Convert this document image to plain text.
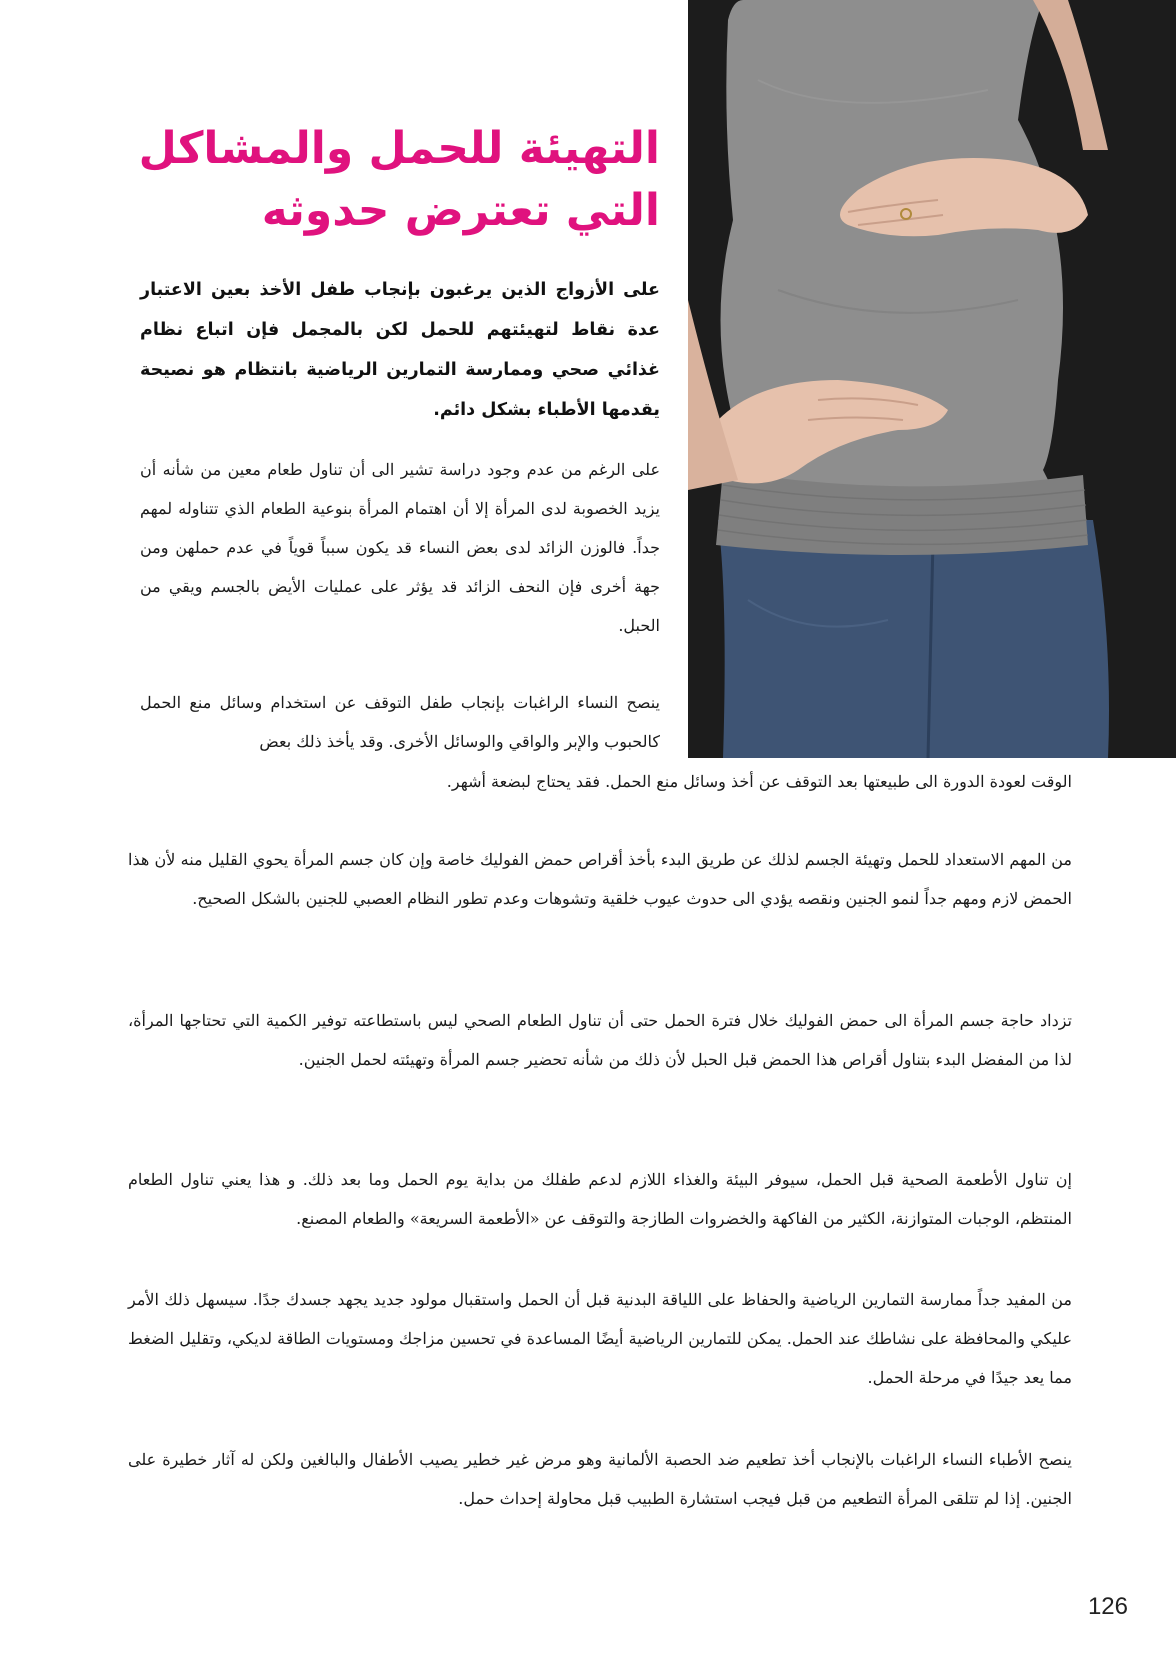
التهيئة للحمل والمشاكل التي تعترض حدوثه

على الأزواج الذين يرغبون بإنجاب طفل الأخذ بعين الاعتبار عدة نقاط لتهيئتهم للحمل لكن بالمجمل فإن اتباع نظام غذائي صحي وممارسة التمارين الرياضية بانتظام هو نصيحة يقدمها الأطباء بشكل دائم.

على الرغم من عدم وجود دراسة تشير الى أن تناول طعام معين من شأنه أن يزيد الخصوبة لدى المرأة إلا أن اهتمام المرأة بنوعية الطعام الذي تتناوله لمهم جداً. فالوزن الزائد لدى بعض النساء قد يكون سبباً قوياً في عدم حملهن ومن جهة أخرى فإن النحف الزائد قد يؤثر على عمليات الأيض بالجسم ويقي من الحبل.

ينصح النساء الراغبات بإنجاب طفل التوقف عن استخدام وسائل منع الحمل كالحبوب والإبر والواقي والوسائل الأخرى. وقد يأخذ ذلك بعض

الوقت لعودة الدورة الى طبيعتها بعد التوقف عن أخذ وسائل منع الحمل. فقد يحتاج لبضعة أشهر.

من المهم الاستعداد للحمل وتهيئة الجسم لذلك عن طريق البدء بأخذ أقراص حمض الفوليك خاصة وإن كان جسم المرأة يحوي القليل منه لأن هذا الحمض لازم ومهم جداً لنمو الجنين ونقصه يؤدي الى حدوث عيوب خلقية وتشوهات وعدم تطور النظام العصبي للجنين بالشكل الصحيح.

تزداد حاجة جسم المرأة الى حمض الفوليك خلال فترة الحمل حتى أن تناول الطعام الصحي ليس باستطاعته توفير الكمية التي تحتاجها المرأة، لذا من المفضل البدء بتناول أقراص هذا الحمض قبل الحبل لأن ذلك من شأنه تحضير جسم المرأة وتهيئته لحمل الجنين.

إن تناول الأطعمة الصحية قبل الحمل، سيوفر البيئة والغذاء اللازم لدعم طفلك من بداية يوم الحمل وما بعد ذلك. و هذا يعني تناول الطعام المنتظم، الوجبات المتوازنة، الكثير من الفاكهة والخضروات الطازجة والتوقف عن «الأطعمة السريعة» والطعام المصنع.

من المفيد جداً ممارسة التمارين الرياضية والحفاظ على اللياقة البدنية قبل أن الحمل واستقبال مولود جديد يجهد جسدك جدًا. سيسهل ذلك الأمر عليكي والمحافظة على نشاطك عند الحمل. يمكن للتمارين الرياضية أيضًا المساعدة في تحسين مزاجك ومستويات الطاقة لديكي، وتقليل الضغط مما يعد جيدًا في مرحلة الحمل.

ينصح الأطباء النساء الراغبات بالإنجاب أخذ تطعيم ضد الحصبة الألمانية وهو مرض غير خطير يصيب الأطفال والبالغين ولكن له آثار خطيرة على الجنين. إذا لم تتلقى المرأة التطعيم من قبل فيجب استشارة الطبيب قبل محاولة إحداث حمل.

126
